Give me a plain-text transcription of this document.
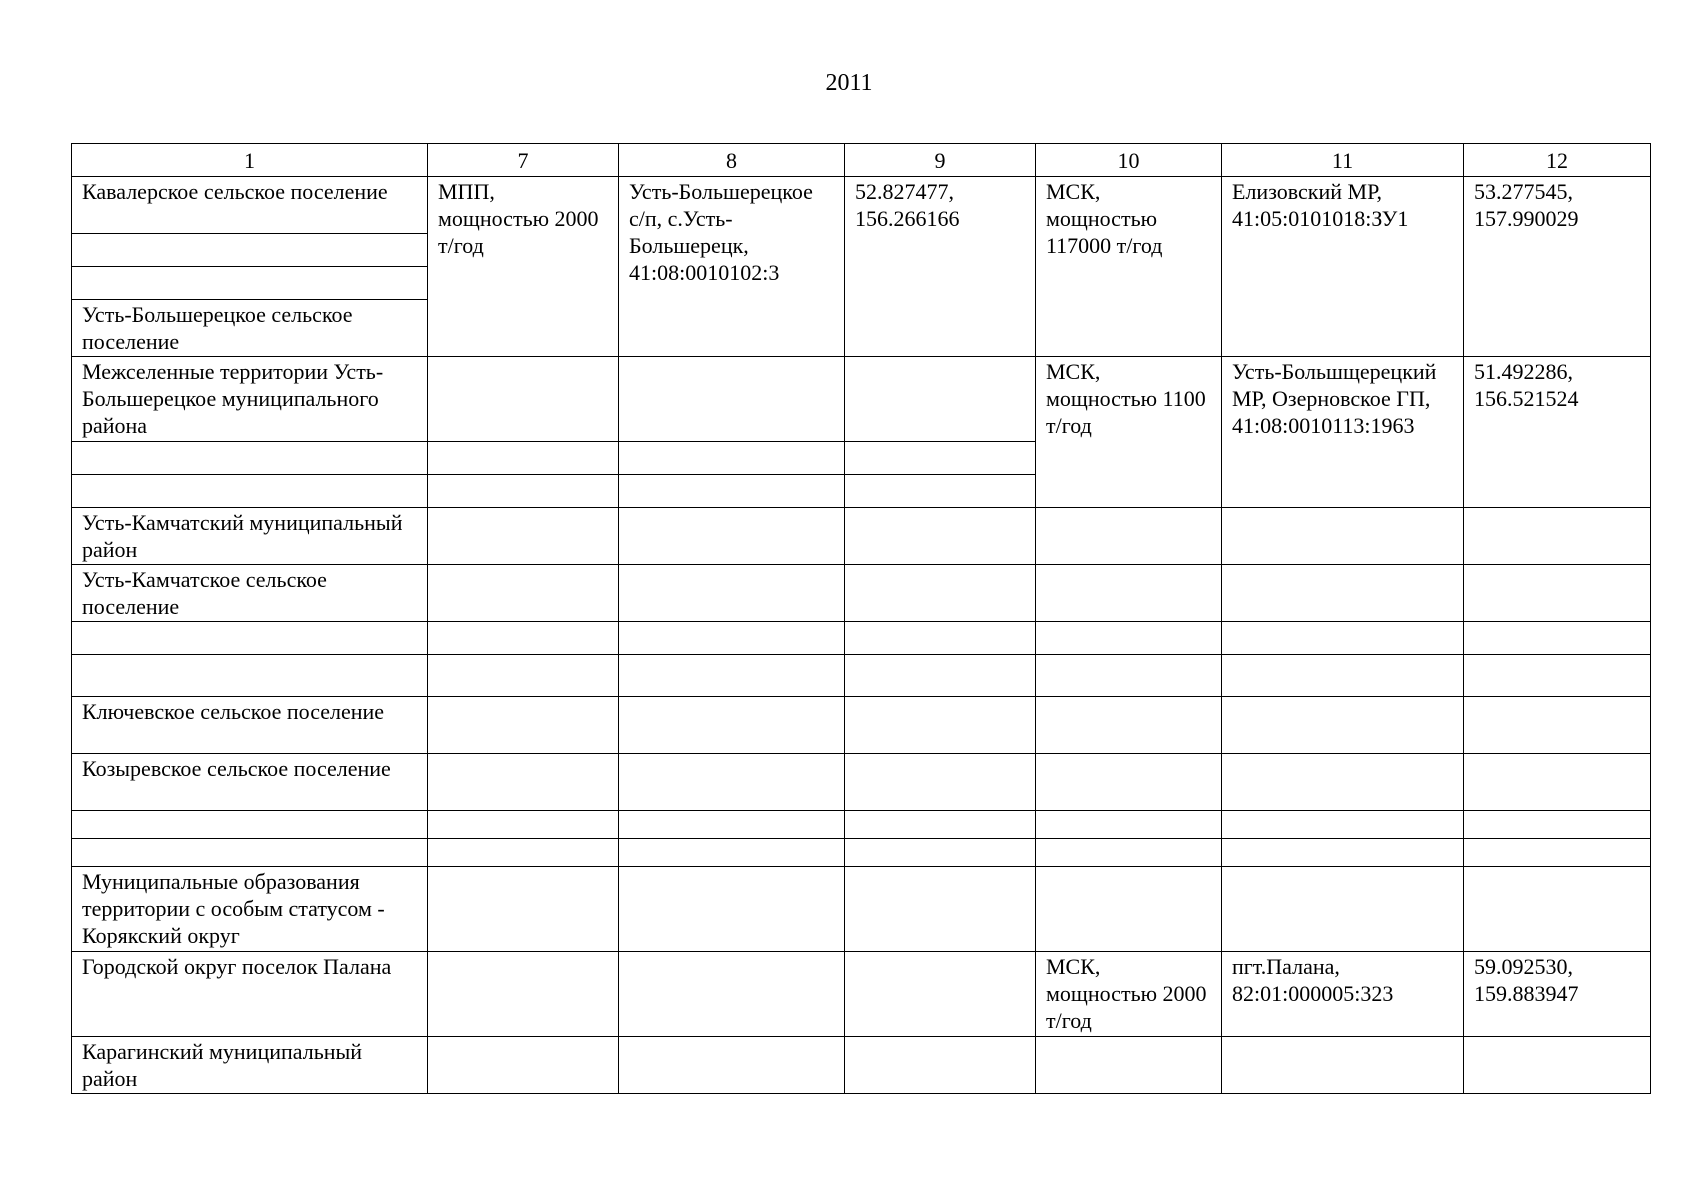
2011
1	7	8	9	10	11	12
Кавалерское сельское поселение	МПП, мощностью 2000 т/год	Усть-Большерецкое с/п, с.Усть-Большерецк, 41:08:0010102:3	52.827477, 156.266166	МСК, мощностью 117000 т/год	Елизовский МР, 41:05:0101018:ЗУ1	53.277545, 157.990029

Усть-Большерецкое сельское поселение						
Межселенные территории Усть-Большерецкое муниципального района				МСК, мощностью 1100 т/год	Усть-Большщерецкий МР, Озерновское ГП, 41:08:0010113:1963	51.492286, 156.521524

Усть-Камчатский муниципальный район						
Усть-Камчатское сельское поселение						

Ключевское сельское поселение						
Козыревское сельское поселение						

Муниципальные образования территории с особым статусом - Корякский округ						
Городской округ поселок Палана				МСК, мощностью 2000 т/год	пгт.Палана, 82:01:000005:323	59.092530, 159.883947
Карагинский муниципальный район						
